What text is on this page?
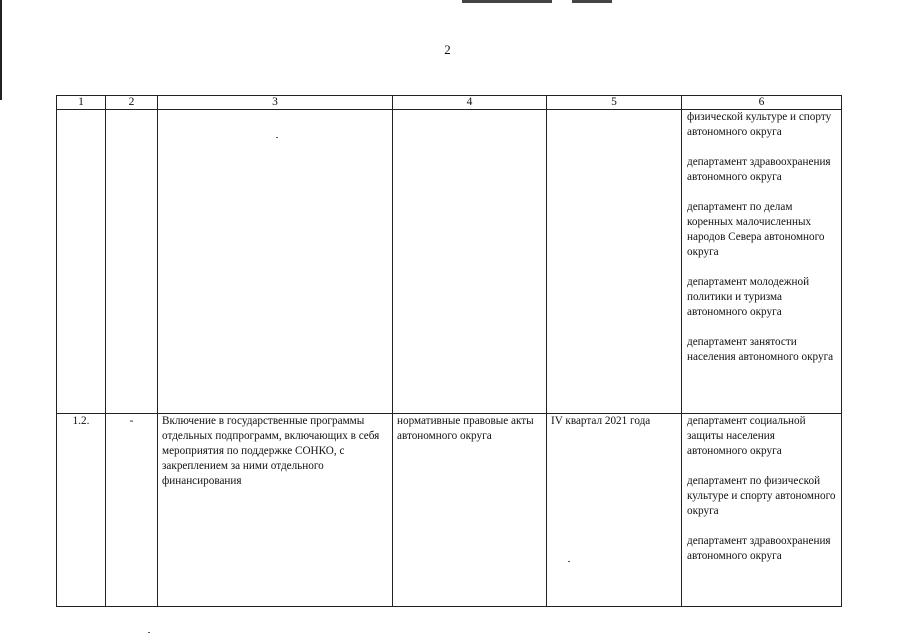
2
1	2	3	4	5	6

					физической культуре и спорту автономного округа
департамент здравоохранения автономного округа
департамент по делам коренных малочисленных народов Севера автономного округа
департамент молодежной политики и туризма автономного округа
департамент занятости населения автономного округа

1.2.	-	Включение в государственные программы отдельных подпрограмм, включающих в себя мероприятия по поддержке СОНКО, с закреплением за ними отдельного финансирования	нормативные правовые акты автономного округа	IV квартал 2021 года	департамент социальной защиты населения автономного округа
департамент по физической культуре и спорту автономного округа
департамент здравоохранения автономного округа
